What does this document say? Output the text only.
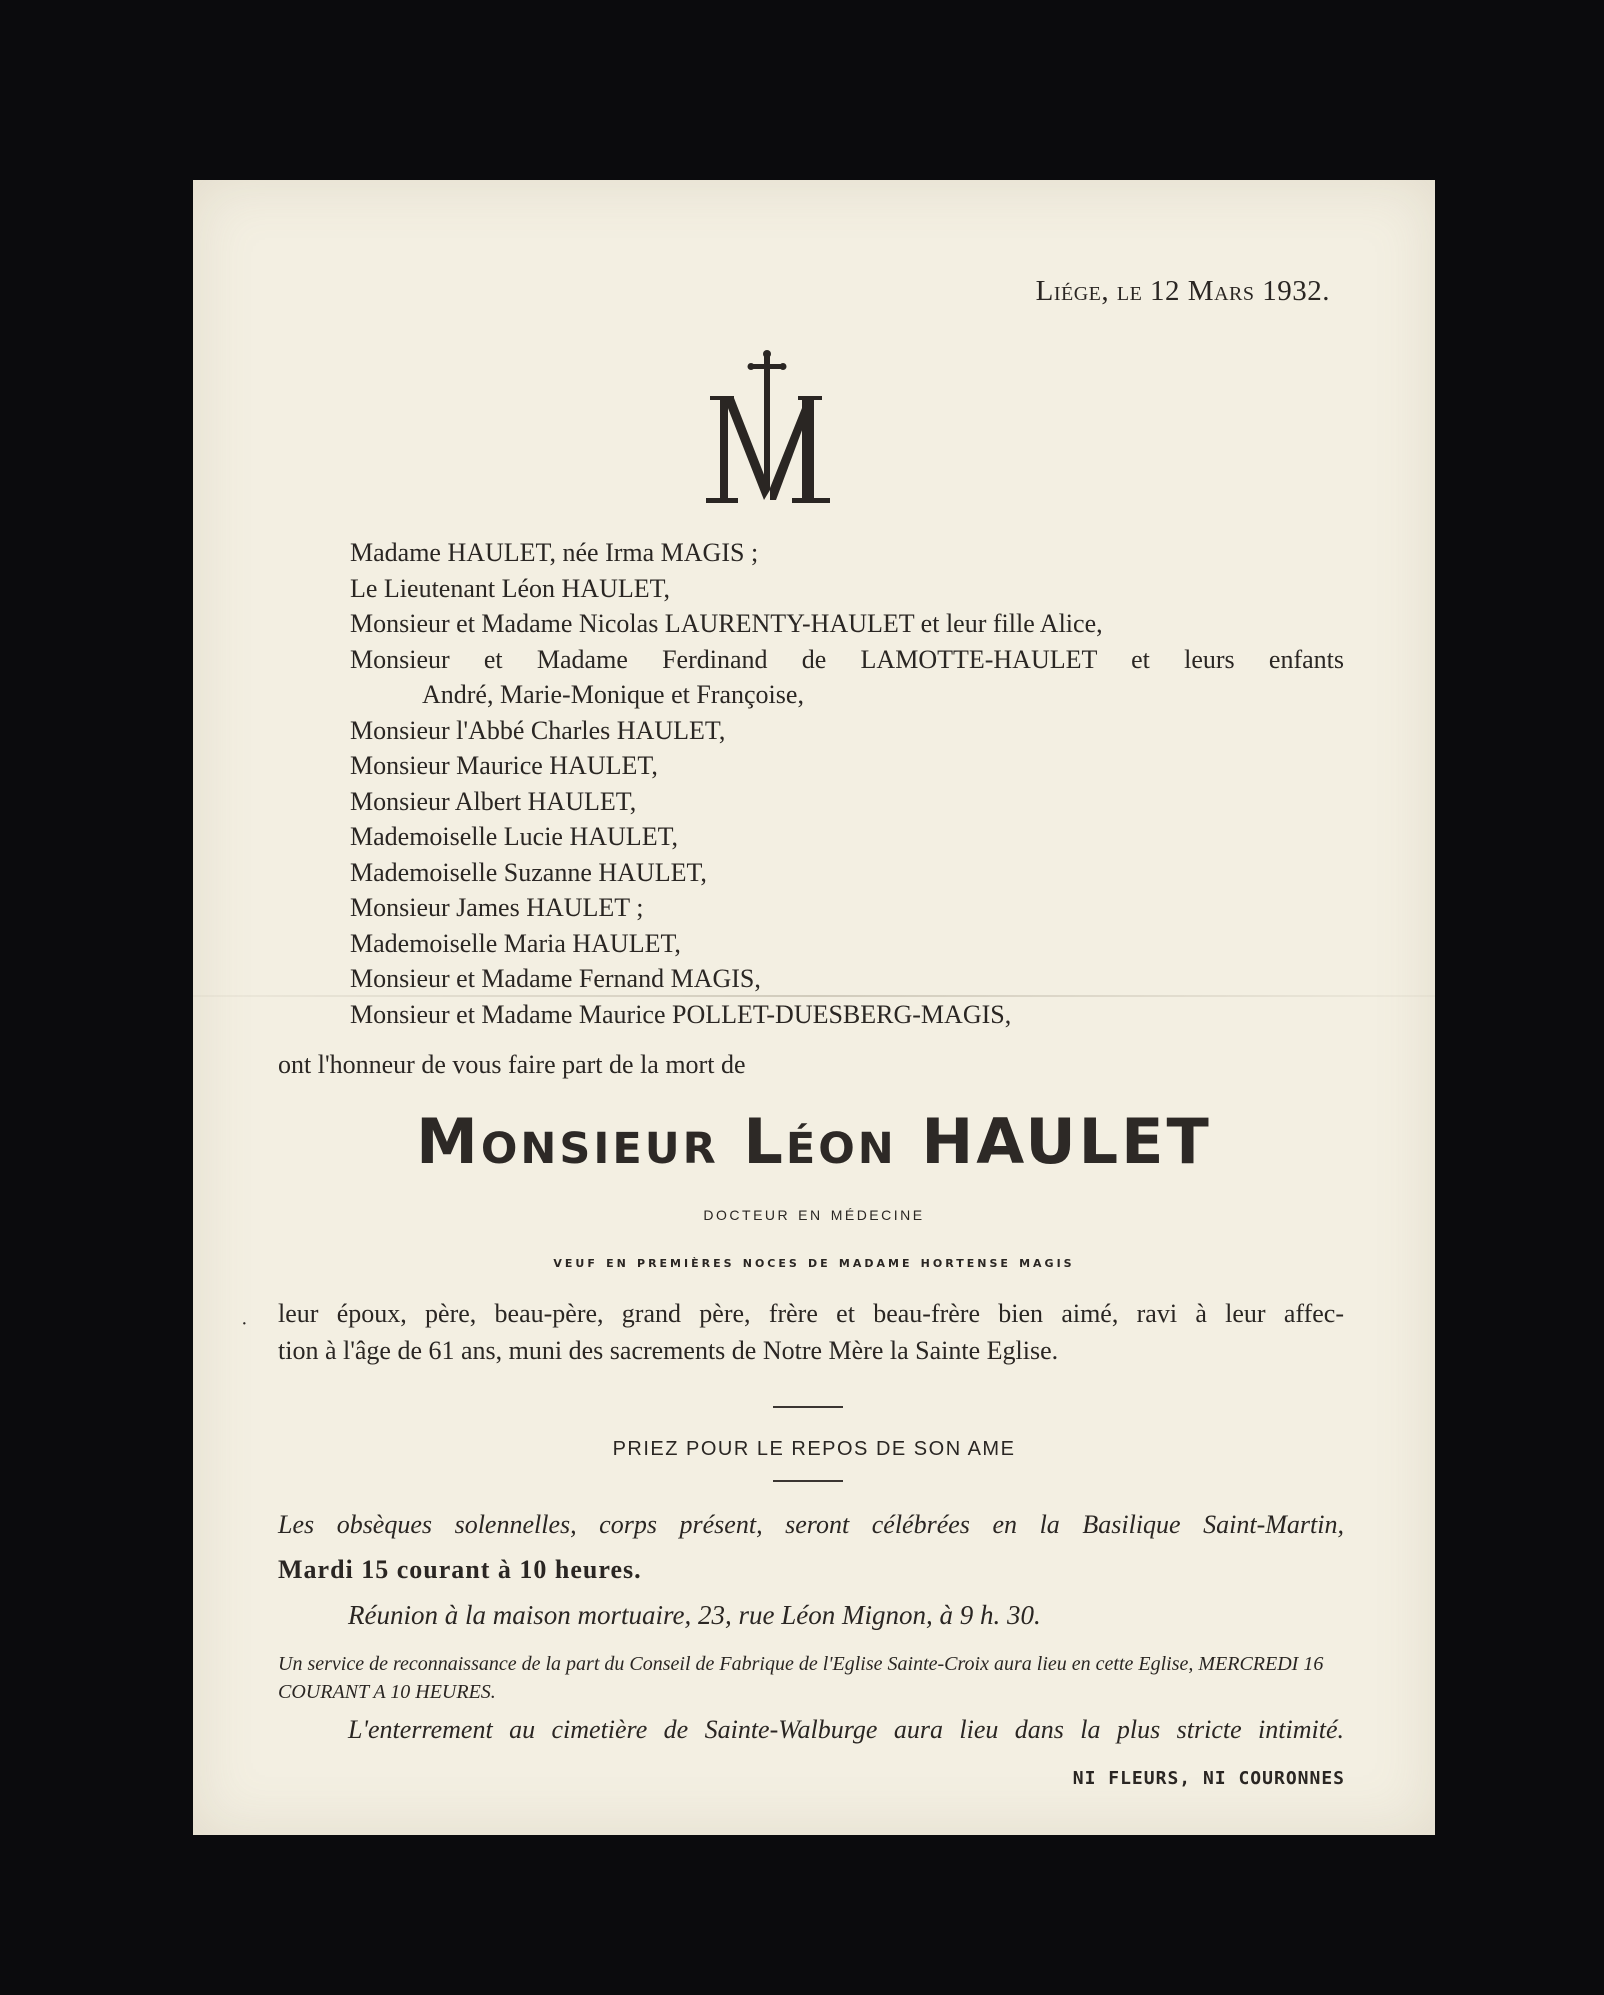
Liége, le 12 Mars 1932.
Madame HAULET, née Irma MAGIS ;
Le Lieutenant Léon HAULET,
Monsieur et Madame Nicolas LAURENTY-HAULET et leur fille Alice,
Monsieur et Madame Ferdinand de LAMOTTE-HAULET et leurs enfants
André, Marie-Monique et Françoise,
Monsieur l'Abbé Charles HAULET,
Monsieur Maurice HAULET,
Monsieur Albert HAULET,
Mademoiselle Lucie HAULET,
Mademoiselle Suzanne HAULET,
Monsieur James HAULET ;
Mademoiselle Maria HAULET,
Monsieur et Madame Fernand MAGIS,
Monsieur et Madame Maurice POLLET-DUESBERG-MAGIS,
ont l'honneur de vous faire part de la mort de
Monsieur Léon HAULET
docteur en médecine
veuf en premières noces de madame hortense magis
· leur époux, père, beau-père, grand père, frère et beau-frère bien aimé, ravi à leur affec-
tion à l'âge de 61 ans, muni des sacrements de Notre Mère la Sainte Eglise.
PRIEZ POUR LE REPOS DE SON AME
Les obsèques solennelles, corps présent, seront célébrées en la Basilique Saint-Martin,
Mardi 15 courant à 10 heures.
Réunion à la maison mortuaire, 23, rue Léon Mignon, à 9 h. 30.
Un service de reconnaissance de la part du Conseil de Fabrique de l'Eglise Sainte-Croix aura lieu en cette Eglise, MERCREDI 16 COURANT A 10 HEURES.
L'enterrement au cimetière de Sainte-Walburge aura lieu dans la plus stricte intimité.
NI FLEURS, NI COURONNES
